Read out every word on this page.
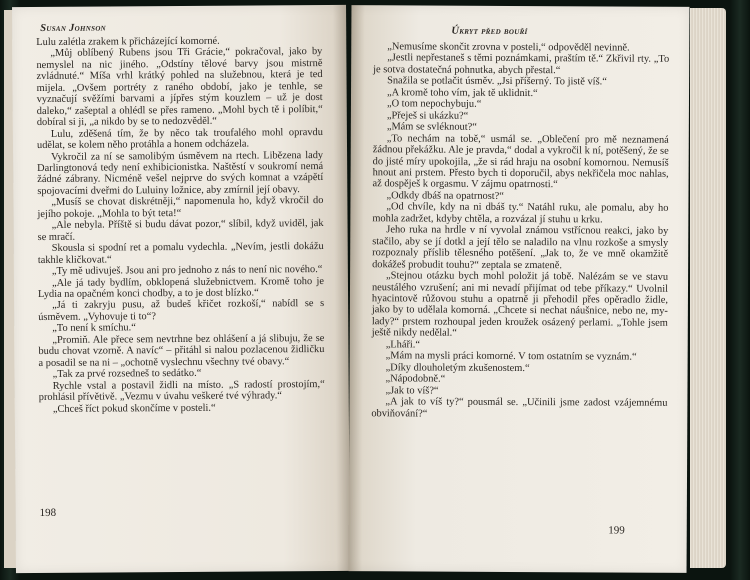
Susan Johnson

Lulu zalétla zrakem k přicházející komorné.

„Můj oblíbený Rubens jsou Tři Grácie,“ pokračoval, jako by nemyslel na nic jiného. „Odstíny tělové barvy jsou mistrně zvládnuté.“ Míša vrhl krátký pohled na služebnou, která je ted mijela. „Ovšem portréty z raného období, jako je tenhle, se vyznačují svěžími barvami a jípřes stým kouzlem – už je dost daleko,“ zašeptal a ohlédl se přes rameno. „Mohl bych tě i políbit,“ dobíral si ji, „a nikdo by se to nedozvěděl.“

Lulu, zděšená tím, že by něco tak troufalého mohl opravdu udělat, se kolem něho protáhla a honem odcházela.

Vykročil za ní se samolibým úsměvem na rtech. Libězena lady Darlingtonová tedy není exhibicionistka. Naštěstí v soukromí nemá žádné zábrany. Nicméně vešel nejprve do svých komnat a vzápětí spojovacími dveřmi do Luluiny ložnice, aby zmírnil její obavy.

„Musíš se chovat diskrétněji,“ napomenula ho, když vkročil do jejího pokoje. „Mohla to být teta!“

„Ale nebyla. Příště si budu dávat pozor,“ slíbil, když uviděl, jak se mračí.

Skousla si spodní ret a pomalu vydechla. „Nevím, jestli dokážu takhle kličkovat.“

„Ty mě udivuješ. Jsou ani pro jednoho z nás to není nic nového.“

„Ale já tady bydlím, obklopená služebnictvem. Kromě toho je Lydia na opačném konci chodby, a to je dost blízko.“

„Já ti zakryju pusu, až budeš křičet rozkoší,“ nabídl se s úsměvem. „Vyhovuje ti to“?

„To není k smíchu.“

„Promiň. Ale přece sem nevtrhne bez ohlášení a já slibuju, že se budu chovat vzorně. A navíc“ – přitáhl si nalou pozlacenou židličku a posadil se na ni – „ochotně vyslechnu všechny tvé obavy.“

„Tak za prvé rozsedneš to sedátko.“

Rychle vstal a postavil židli na místo. „S radostí prostojím,“ prohlásil přívětivě. „Vezmu v úvahu veškeré tvé výhrady.“

„Chceš říct pokud skončíme v posteli.“

198
Úkryt před bouří

„Nemusíme skončit zrovna v posteli,“ odpověděl nevinně.

„Jestli nepřestaneš s těmi poznámkami, praštím tě.“ Zkřivil rty. „To je sotva dostatečná pohnutka, abych přestal.“

Snažila se potlačit úsměv. „Jsi příšerný. To jistě víš.“

„A kromě toho vím, jak tě uklidnit.“

„O tom nepochybuju.“

„Přeješ si ukázku?“

„Mám se svléknout?“

„To nechám na tobě,“ usmál se. „Oblečení pro mě neznamená žádnou překážku. Ale je pravda,“ dodal a vykročil k ní, potěšený, že se do jisté míry upokojila, „že si rád hraju na osobní komornou. Nemusíš hnout ani prstem. Přesto bych ti doporučil, abys nekřičela moc nahlas, až dospěješ k orgasmu. V zájmu opatrnosti.“

„Odkdy dbáš na opatrnost?“

„Od chvíle, kdy na ni dbáš ty.“ Natáhl ruku, ale pomalu, aby ho mohla zadržet, kdyby chtěla, a rozvázal jí stuhu u krku.

Jeho ruka na hrdle v ní vyvolal známou vstřícnou reakci, jako by stačilo, aby se jí dotkl a její tělo se naladilo na vlnu rozkoše a smysly rozpoznaly příslib tělesného potěšení. „Jak to, že ve mně okamžitě dokážeš probudit touhu?“ zeptala se zmateně.

„Stejnou otázku bych mohl položit já tobě. Nalézám se ve stavu neustálého vzrušení; ani mi nevadí přijímat od tebe příkazy.“ Uvolnil hyacintově růžovou stuhu a opatrně ji přehodil přes opěradlo židle, jako by to udělala komorná. „Chcete si nechat náušnice, nebo ne, mylady?“ prstem rozhoupal jeden kroužek osázený perlami. „Tohle jsem ještě nikdy nedělal.“

„Lháři.“

„Mám na mysli práci komorné. V tom ostatním se vyznám.“

„Díky dlouholetým zkušenostem.“

„Nápodobně.“

„Jak to víš?“

„A jak to víš ty?“ pousmál se. „Učinili jsme zadost vzájemnému obviňování?“

199
